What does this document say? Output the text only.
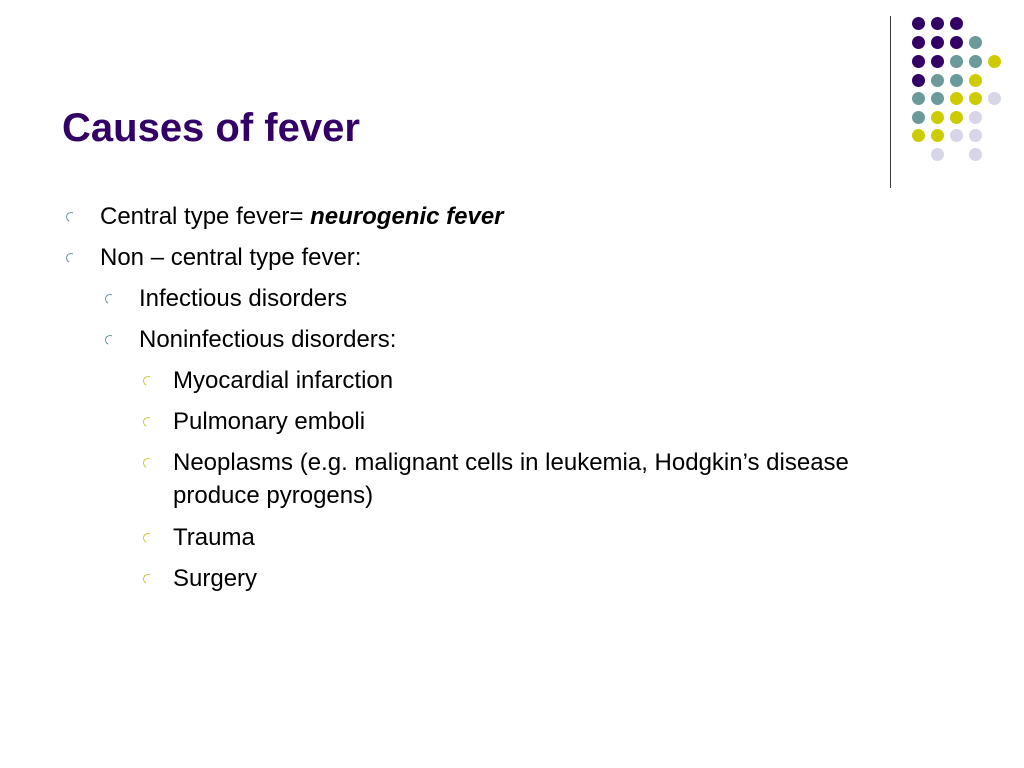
Causes of fever
Central type fever= neurogenic fever
Non – central type fever:
Infectious disorders
Noninfectious disorders:
Myocardial infarction
Pulmonary emboli
Neoplasms (e.g. malignant cells in leukemia, Hodgkin’s disease produce pyrogens)
Trauma
Surgery
